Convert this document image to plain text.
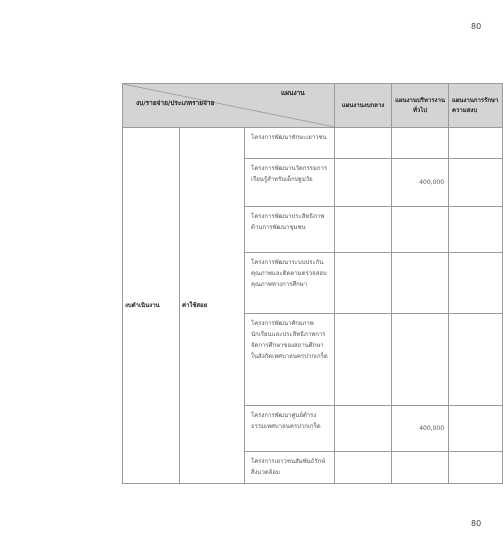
80
แผนงาน
งบ/รายจ่าย/ประเภทรายจ่าย			แผนงานงบกลาง	แผนงานบริหารงานทั่วไป	แผนงานการรักษาความสงบ
งบดำเนินงาน	ค่าใช้สอย	โครงการพัฒนาทักษะเยาวชน			
		โครงการพัฒนานวัตกรรมการเรียนรู้สำหรับเด็กปฐมวัย		400,000	
		โครงการพัฒนาประสิทธิภาพด้านการพัฒนาชุมชน			
		โครงการพัฒนาระบบประกันคุณภาพและติดตามตรวจสอบคุณภาพทางการศึกษา			
		โครงการพัฒนาศักยภาพนักเรียนและประสิทธิภาพการจัดการศึกษาของสถานศึกษาในสังกัดเทศบาลนครปากเกร็ด			
		โครงการพัฒนาศูนย์ดำรงธรรมเทศบาลนครปากเกร็ด		400,000	
		โครงการเยาวชนสัมพันธ์รักษ์สิ่งแวดล้อม			
80
